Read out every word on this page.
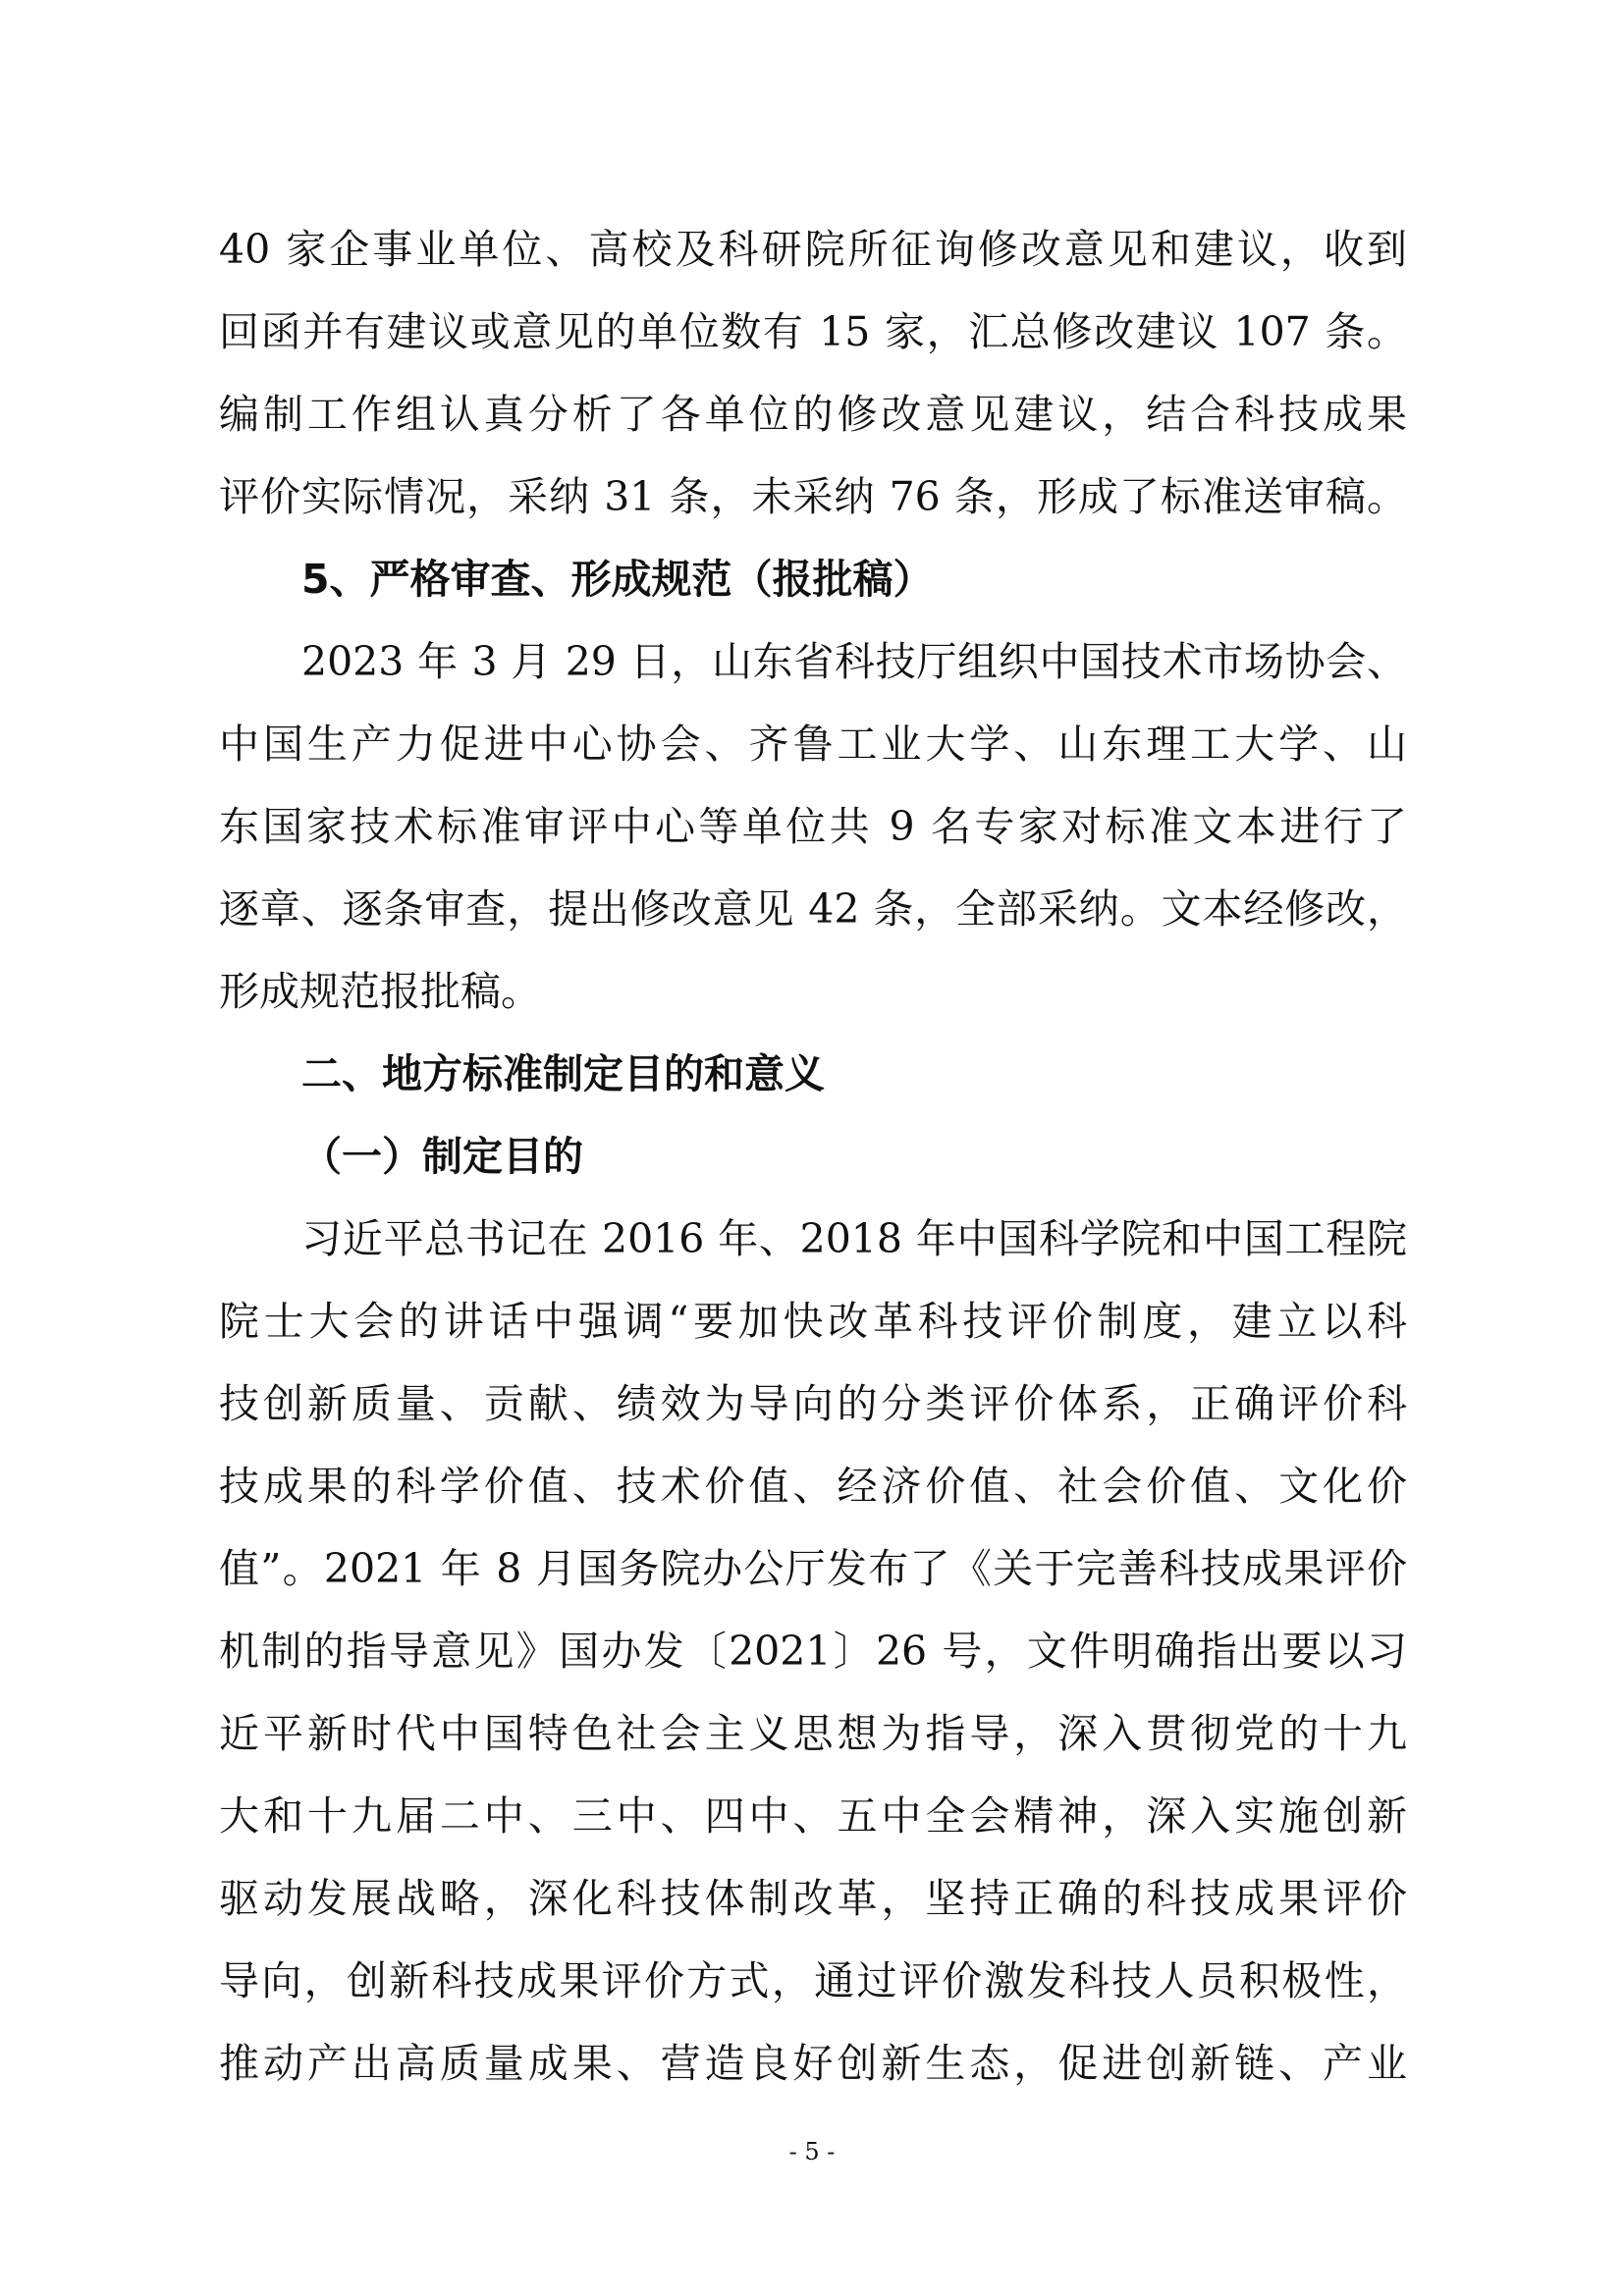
40 家企事业单位、高校及科研院所征询修改意见和建议，收到
回函并有建议或意见的单位数有 15 家，汇总修改建议 107 条。
编制工作组认真分析了各单位的修改意见建议，结合科技成果
评价实际情况，采纳 31 条，未采纳 76 条，形成了标准送审稿。
5、严格审查、形成规范（报批稿）
2023 年 3 月 29 日，山东省科技厅组织中国技术市场协会、
中国生产力促进中心协会、齐鲁工业大学、山东理工大学、山
东国家技术标准审评中心等单位共 9 名专家对标准文本进行了
逐章、逐条审查，提出修改意见 42 条，全部采纳。文本经修改，
形成规范报批稿。
二、地方标准制定目的和意义
（一）制定目的
习近平总书记在 2016 年、2018 年中国科学院和中国工程院
院士大会的讲话中强调“要加快改革科技评价制度，建立以科
技创新质量、贡献、绩效为导向的分类评价体系，正确评价科
技成果的科学价值、技术价值、经济价值、社会价值、文化价
值”。2021 年 8 月国务院办公厅发布了《关于完善科技成果评价
机制的指导意见》国办发〔2021〕26 号，文件明确指出要以习
近平新时代中国特色社会主义思想为指导，深入贯彻党的十九
大和十九届二中、三中、四中、五中全会精神，深入实施创新
驱动发展战略，深化科技体制改革，坚持正确的科技成果评价
导向，创新科技成果评价方式，通过评价激发科技人员积极性，
推动产出高质量成果、营造良好创新生态，促进创新链、产业
- 5 -
